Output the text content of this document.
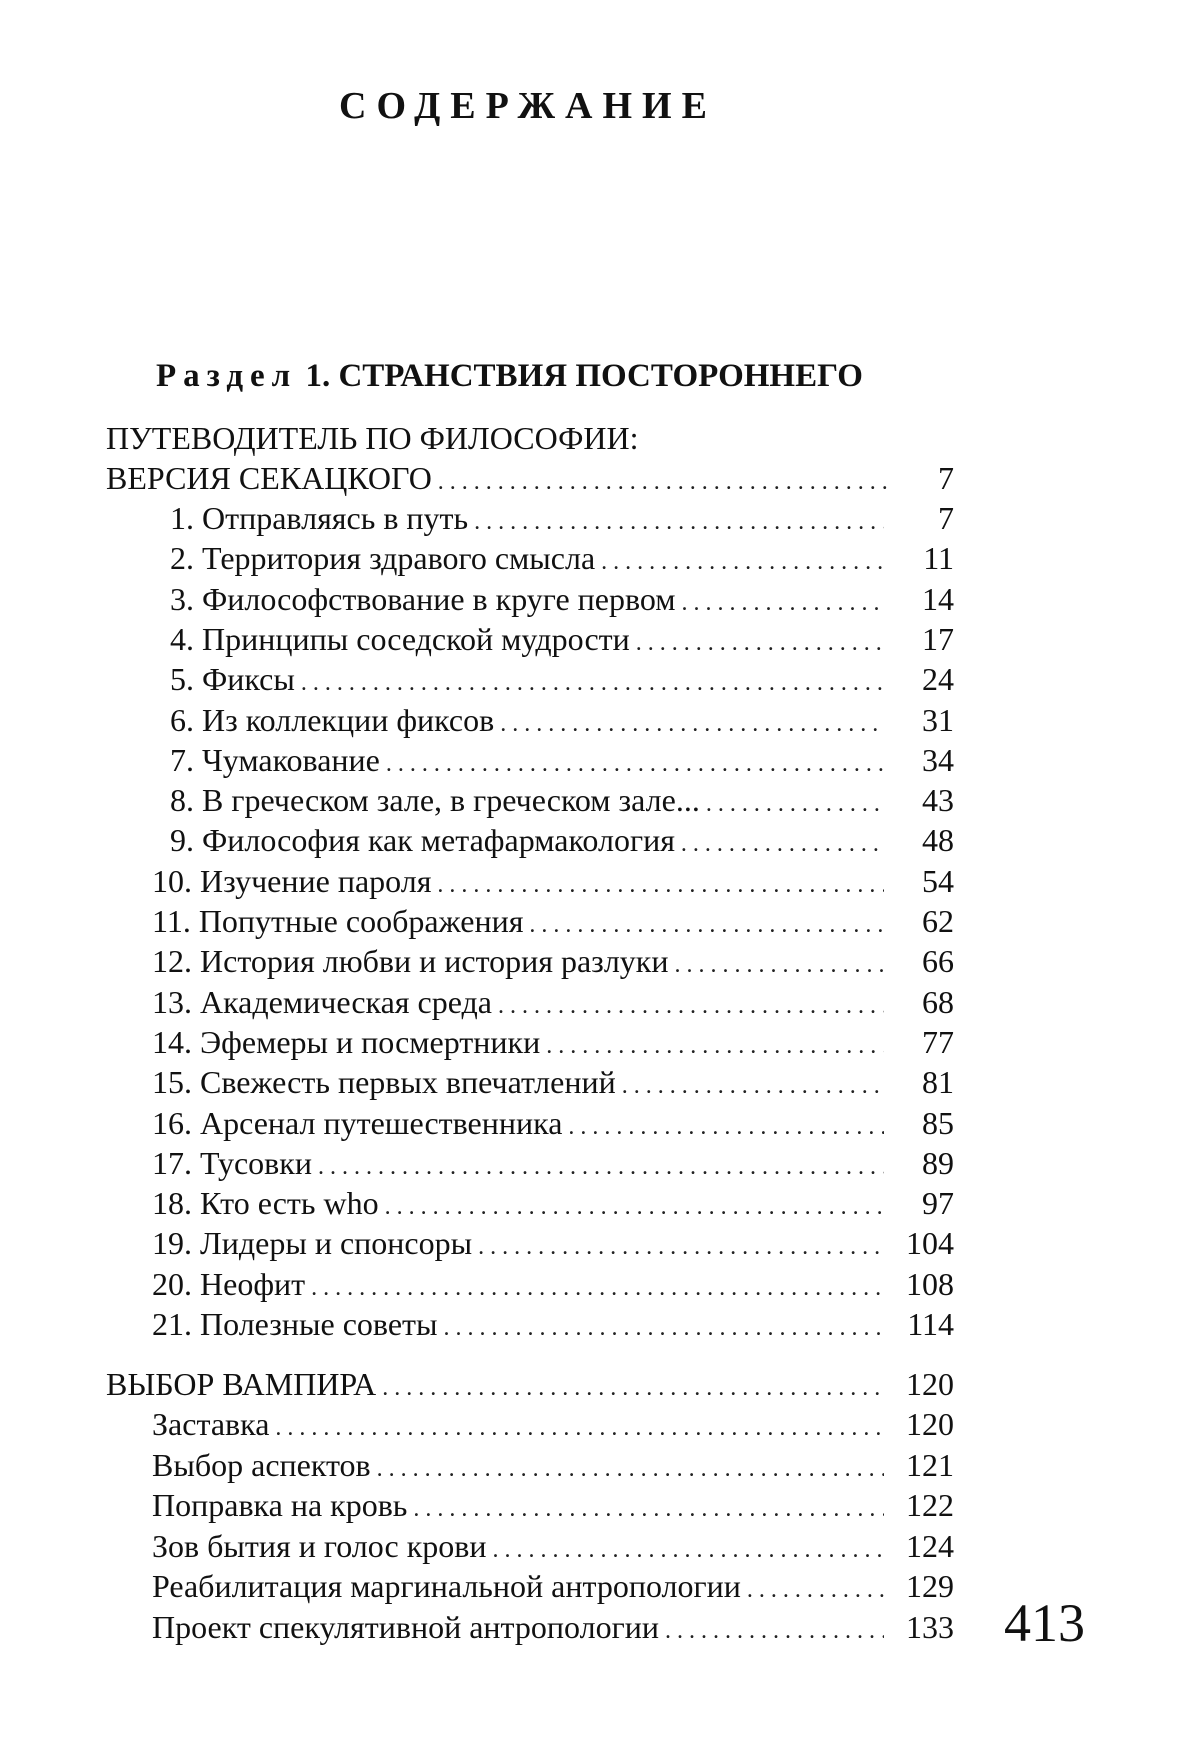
СОДЕРЖАНИЕ
Раздел 1. СТРАНСТВИЯ ПОСТОРОННЕГО
ПУТЕВОДИТЕЛЬ ПО ФИЛОСОФИИ:
ВЕРСИЯ СЕКАЦКОГО . . .	7
1. Отправляясь в путь . . .	7
2. Территория здравого смысла . . .	11
3. Философствование в круге первом . . .	14
4. Принципы соседской мудрости . . .	17
5. Фиксы . . .	24
6. Из коллекции фиксов . . .	31
7. Чумакование . . .	34
8. В греческом зале, в греческом зале... . . .	43
9. Философия как метафармакология . . .	48
10. Изучение пароля . . .	54
11. Попутные соображения . . .	62
12. История любви и история разлуки . . .	66
13. Академическая среда . . .	68
14. Эфемеры и посмертники . . .	77
15. Свежесть первых впечатлений . . .	81
16. Арсенал путешественника . . .	85
17. Тусовки . . .	89
18. Кто есть who . . .	97
19. Лидеры и спонсоры . . .	104
20. Неофит . . .	108
21. Полезные советы . . .	114
ВЫБОР ВАМПИРА . . .	120
Заставка . . .	120
Выбор аспектов . . .	121
Поправка на кровь . . .	122
Зов бытия и голос крови . . .	124
Реабилитация маргинальной антропологии . . .	129
Проект спекулятивной антропологии . . .	133 413
